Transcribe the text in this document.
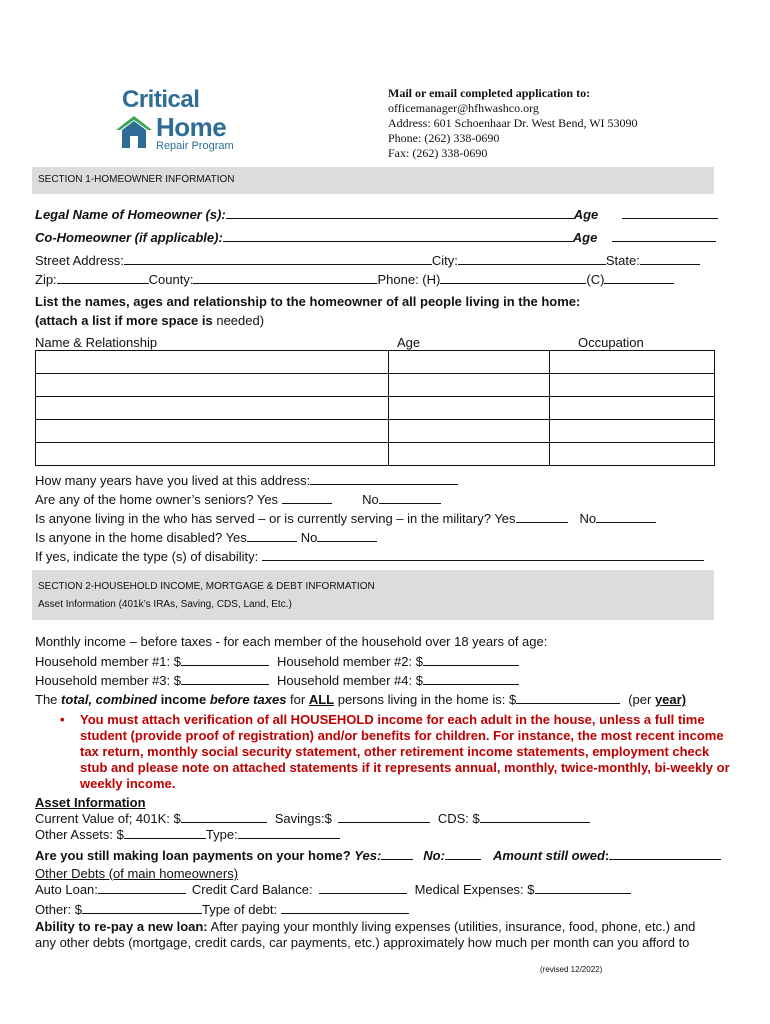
Critical
Home
Repair Program
Mail or email completed application to:
officemanager@hfhwashco.org
Address: 601 Schoenhaar Dr. West Bend, WI 53090
Phone: (262) 338-0690
Fax: (262) 338-0690
SECTION 1-HOMEOWNER INFORMATION
Legal Name of Homeowner (s):	Age
Co-Homeowner (if applicable):	Age
Street Address:	City:	State:
Zip:	County:	Phone: (H)	(C)
List the names, ages and relationship to the homeowner of all people living in the home:
(attach a list if more space is needed)
Name & Relationship	Age	Occupation

How many years have you lived at this address:
Are any of the home owner’s seniors? Yes	No
Is anyone living in the who has served – or is currently serving – in the military? Yes	No
Is anyone in the home disabled? Yes	No
If yes, indicate the type (s) of disability:
SECTION 2-HOUSEHOLD INCOME, MORTGAGE & DEBT INFORMATION
Asset Information (401k’s IRAs, Saving, CDS, Land, Etc.)
Monthly income – before taxes - for each member of the household over 18 years of age:
Household member #1: $	Household member #2: $
Household member #3: $	Household member #4: $
The total, combined income before taxes for ALL persons living in the home is: $	(per year)
• You must attach verification of all HOUSEHOLD income for each adult in the house, unless a full time
student (provide proof of registration) and/or benefits for children. For instance, the most recent income
tax return, monthly social security statement, other retirement income statements, employment check
stub and please note on attached statements if it represents annual, monthly, twice-monthly, bi-weekly or
weekly income.
Asset Information
Current Value of; 401K: $	Savings:$	CDS: $
Other Assets: $	Type:
Are you still making loan payments on your home? Yes:	No:	Amount still owed:
Other Debts (of main homeowners)
Auto Loan:	Credit Card Balance:	Medical Expenses: $
Other: $	Type of debt:
Ability to re-pay a new loan: After paying your monthly living expenses (utilities, insurance, food, phone, etc.) and
any other debts (mortgage, credit cards, car payments, etc.) approximately how much per month can you afford to
(revised 12/2022)
